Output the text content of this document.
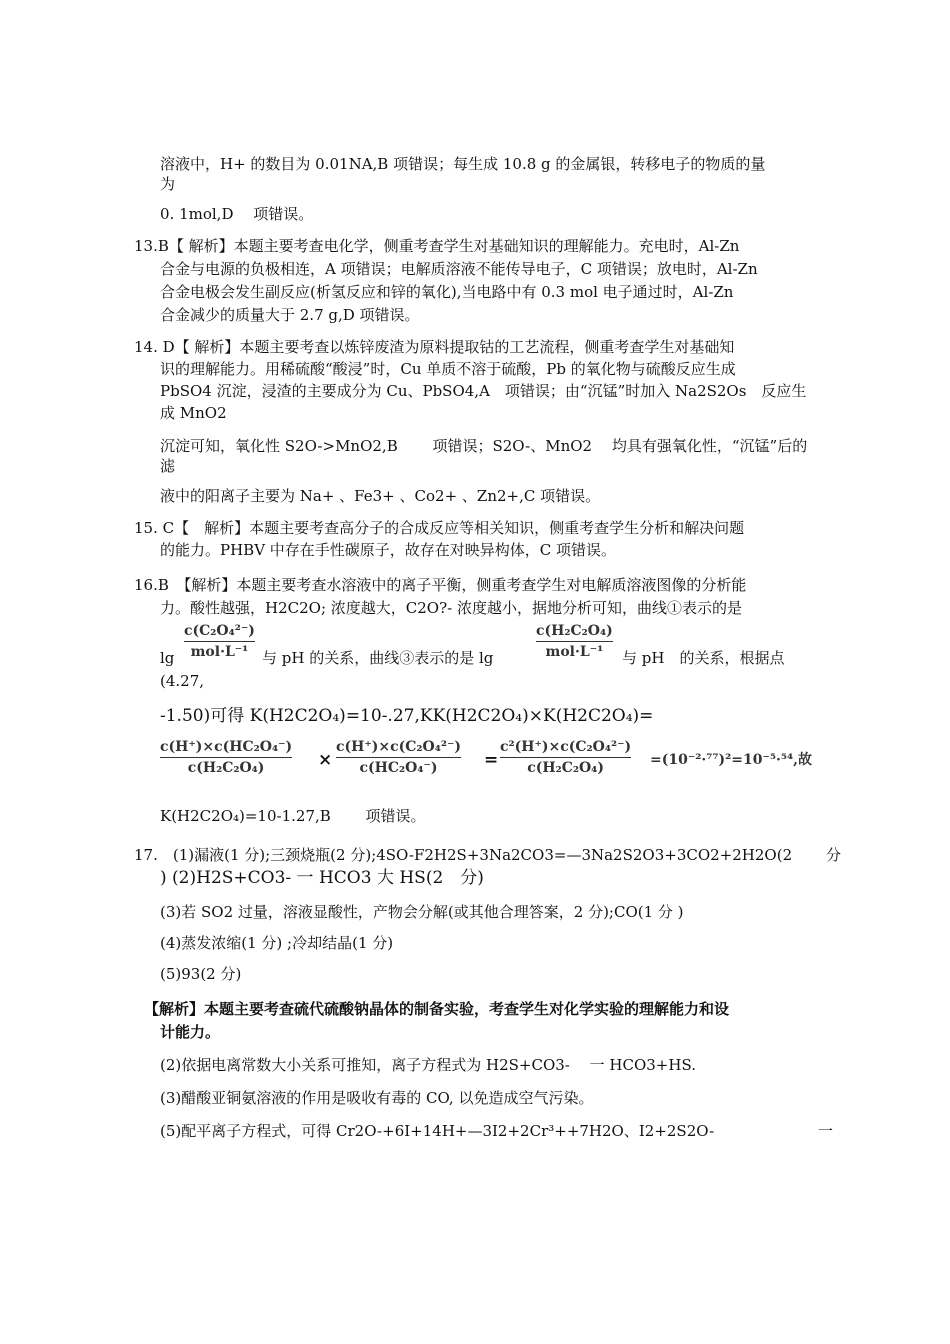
溶液中，H+ 的数目为 0.01NA,B 项错误；每生成 10.8 g 的金属银，转移电子的物质的量
为
0. 1mol,D　 项错误。
13.B【 解析】本题主要考查电化学，侧重考查学生对基础知识的理解能力。充电时，Al-Zn
合金与电源的负极相连，A 项错误；电解质溶液不能传导电子，C 项错误；放电时，Al-Zn
合金电极会发生副反应(析氢反应和锌的氧化),当电路中有 0.3 mol 电子通过时，Al-Zn
合金减少的质量大于 2.7 g,D 项错误。
14. D【 解析】本题主要考查以炼锌废渣为原料提取钴的工艺流程，侧重考查学生对基础知
识的理解能力。用稀硫酸“酸浸”时，Cu 单质不溶于硫酸，Pb 的氧化物与硫酸反应生成
PbSO4 沉淀，浸渣的主要成分为 Cu、PbSO4,A　项错误；由“沉锰”时加入 Na2S2Os　反应生
成 MnO2
沉淀可知，氧化性 S2O->MnO2,B　　 项错误；S2O-、MnO2　 均具有强氧化性，“沉锰”后的
滤
液中的阳离子主要为 Na+ 、Fe3+ 、Co2+ 、Zn2+,C 项错误。
15. C【　解析】本题主要考查高分子的合成反应等相关知识，侧重考查学生分析和解决问题
的能力。PHBV 中存在手性碳原子，故存在对映异构体，C 项错误。
16.B　【解析】本题主要考查水溶液中的离子平衡，侧重考查学生对电解质溶液图像的分析能
力。酸性越强，H2C2O; 浓度越大，C2O?- 浓度越小，据地分析可知，曲线①表示的是
c(C₂O₄²⁻)
mol·L⁻¹
lg	与 pH 的关系，曲线③表示的是 lg
c(H₂C₂O₄)
mol·L⁻¹	与 pH　的关系，根据点
(4.27,
-1.50)可得 K(H2C2O₄)=10-.27,KK(H2C2O₄)×K(H2C2O₄)=
c(H⁺)×c(HC₂O₄⁻)
c(H₂C₂O₄)	×
c(H⁺)×c(C₂O₄²⁻)
c(HC₂O₄⁻)	=
c²(H⁺)×c(C₂O₄²⁻)
c(H₂C₂O₄)	=(10⁻²·⁷⁷)²=10⁻⁵·⁵⁴,故
K(H2C2O₄)=10-1.27,B　　 项错误。
17.　(1)漏液(1 分);三颈烧瓶(2 分);4SO-F2H2S+3Na2CO3=—3Na2S2O3+3CO2+2H2O(2 分
) (2)H2S+CO3- 一 HCO3 大 HS(2　分)
(3)若 SO2 过量，溶液显酸性，产物会分解(或其他合理答案，2 分);CO(1 分 )
(4)蒸发浓缩(1 分) ;冷却结晶(1 分)
(5)93(2 分)
【解析】本题主要考查硫代硫酸钠晶体的制备实验，考查学生对化学实验的理解能力和设
计能力。
(2)依据电离常数大小关系可推知，离子方程式为 H2S+CO3-　 一 HCO3+HS.
(3)醋酸亚铜氨溶液的作用是吸收有毒的 CO, 以免造成空气污染。
(5)配平离子方程式，可得 Cr2O-+6I+14H+—3I2+2Cr³++7H2O、I2+2S2O-	一
